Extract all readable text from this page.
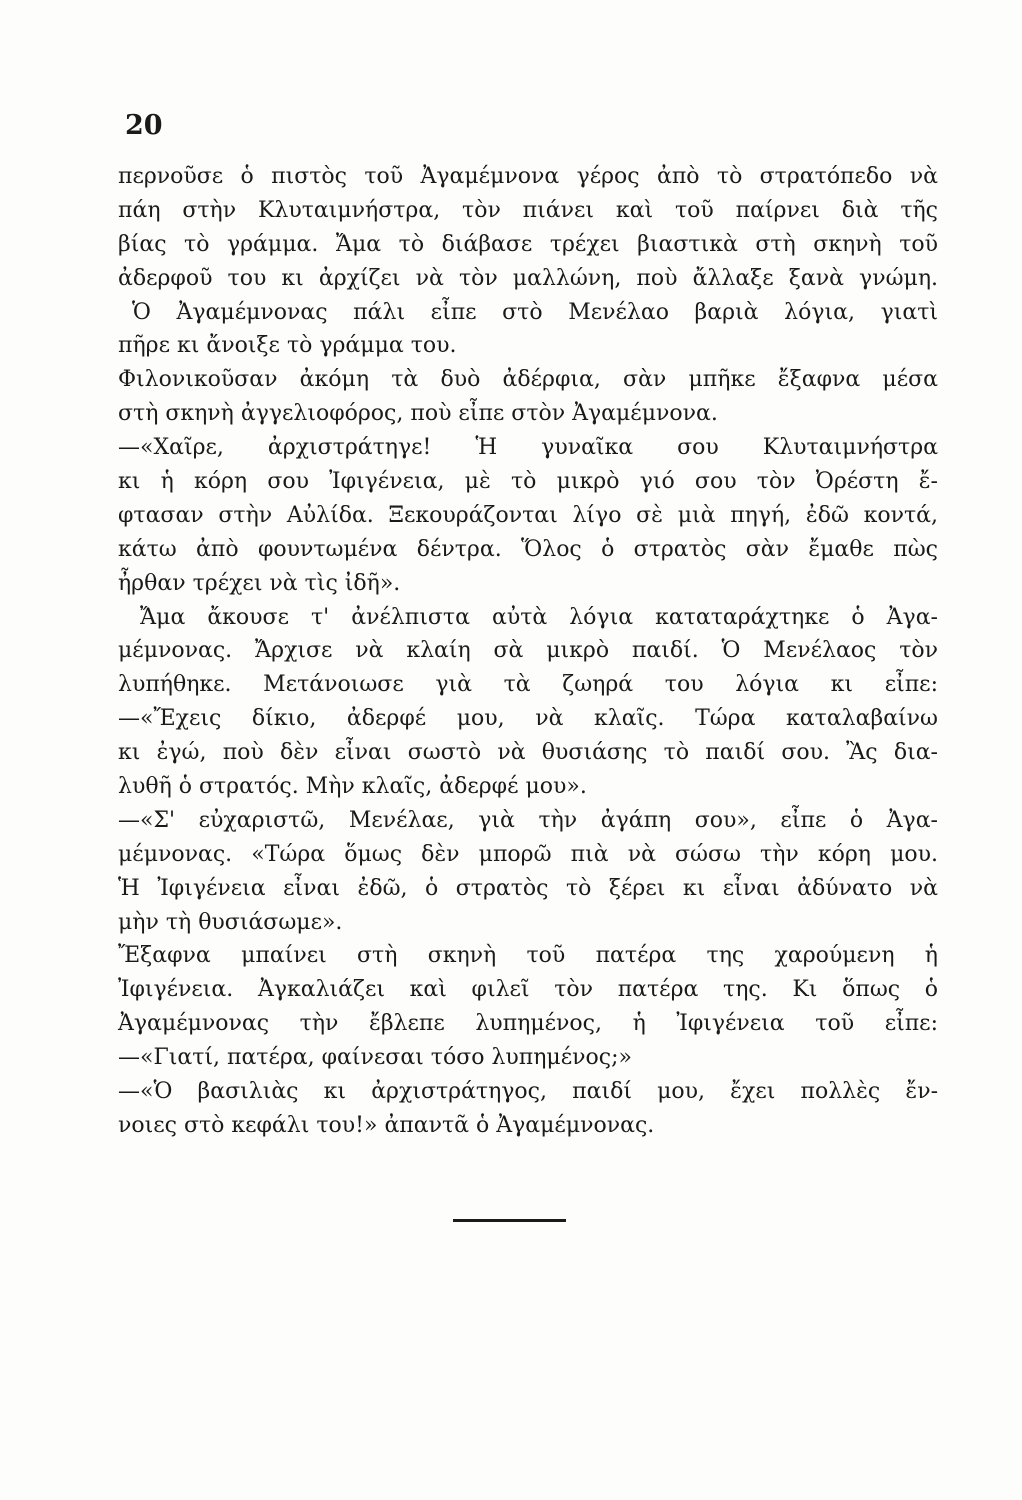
20
περνοῦσε ὁ πιστὸς τοῦ Ἀγαμέμνονα γέρος ἀπὸ τὸ στρατόπεδο νὰ
πάη στὴν Κλυταιμνήστρα, τὸν πιάνει καὶ τοῦ παίρνει διὰ τῆς
βίας τὸ γράμμα. Ἄμα τὸ διάβασε τρέχει βιαστικὰ στὴ σκηνὴ τοῦ
ἀδερφοῦ του κι ἀρχίζει νὰ τὸν μαλλώνη, ποὺ ἄλλαξε ξανὰ γνώμη.
Ὁ Ἀγαμέμνονας πάλι εἶπε στὸ Μενέλαο βαριὰ λόγια, γιατὶ
πῆρε κι ἄνοιξε τὸ γράμμα του.
Φιλονικοῦσαν ἀκόμη τὰ δυὸ ἀδέρφια, σὰν μπῆκε ἔξαφνα μέσα
στὴ σκηνὴ ἀγγελιοφόρος, ποὺ εἶπε στὸν Ἀγαμέμνονα.
—«Χαῖρε, ἀρχιστράτηγε! Ἡ γυναῖκα σου Κλυταιμνήστρα
κι ἡ κόρη σου Ἰφιγένεια, μὲ τὸ μικρὸ γιό σου τὸν Ὀρέστη ἔ-
φτασαν στὴν Αὐλίδα. Ξεκουράζονται λίγο σὲ μιὰ πηγή, ἐδῶ κοντά,
κάτω ἀπὸ φουντωμένα δέντρα. Ὅλος ὁ στρατὸς σὰν ἔμαθε πὼς
ἦρθαν τρέχει νὰ τὶς ἰδῆ».
Ἄμα ἄκουσε τ' ἀνέλπιστα αὐτὰ λόγια καταταράχτηκε ὁ Ἀγα-
μέμνονας. Ἄρχισε νὰ κλαίη σὰ μικρὸ παιδί. Ὁ Μενέλαος τὸν
λυπήθηκε. Μετάνοιωσε γιὰ τὰ ζωηρά του λόγια κι εἶπε:
—«Ἔχεις δίκιο, ἀδερφέ μου, νὰ κλαῖς. Τώρα καταλαβαίνω
κι ἐγώ, ποὺ δὲν εἶναι σωστὸ νὰ θυσιάσης τὸ παιδί σου. Ἂς δια-
λυθῆ ὁ στρατός. Μὴν κλαῖς, ἀδερφέ μου».
—«Σ' εὐχαριστῶ, Μενέλαε, γιὰ τὴν ἀγάπη σου», εἶπε ὁ Ἀγα-
μέμνονας. «Τώρα ὅμως δὲν μπορῶ πιὰ νὰ σώσω τὴν κόρη μου.
Ἡ Ἰφιγένεια εἶναι ἐδῶ, ὁ στρατὸς τὸ ξέρει κι εἶναι ἀδύνατο νὰ
μὴν τὴ θυσιάσωμε».
Ἔξαφνα μπαίνει στὴ σκηνὴ τοῦ πατέρα της χαρούμενη ἡ
Ἰφιγένεια. Ἀγκαλιάζει καὶ φιλεῖ τὸν πατέρα της. Κι ὅπως ὁ
Ἀγαμέμνονας τὴν ἔβλεπε λυπημένος, ἡ Ἰφιγένεια τοῦ εἶπε:
—«Γιατί, πατέρα, φαίνεσαι τόσο λυπημένος;»
—«Ὁ βασιλιὰς κι ἀρχιστράτηγος, παιδί μου, ἔχει πολλὲς ἔν-
νοιες στὸ κεφάλι του!» ἀπαντᾶ ὁ Ἀγαμέμνονας.
